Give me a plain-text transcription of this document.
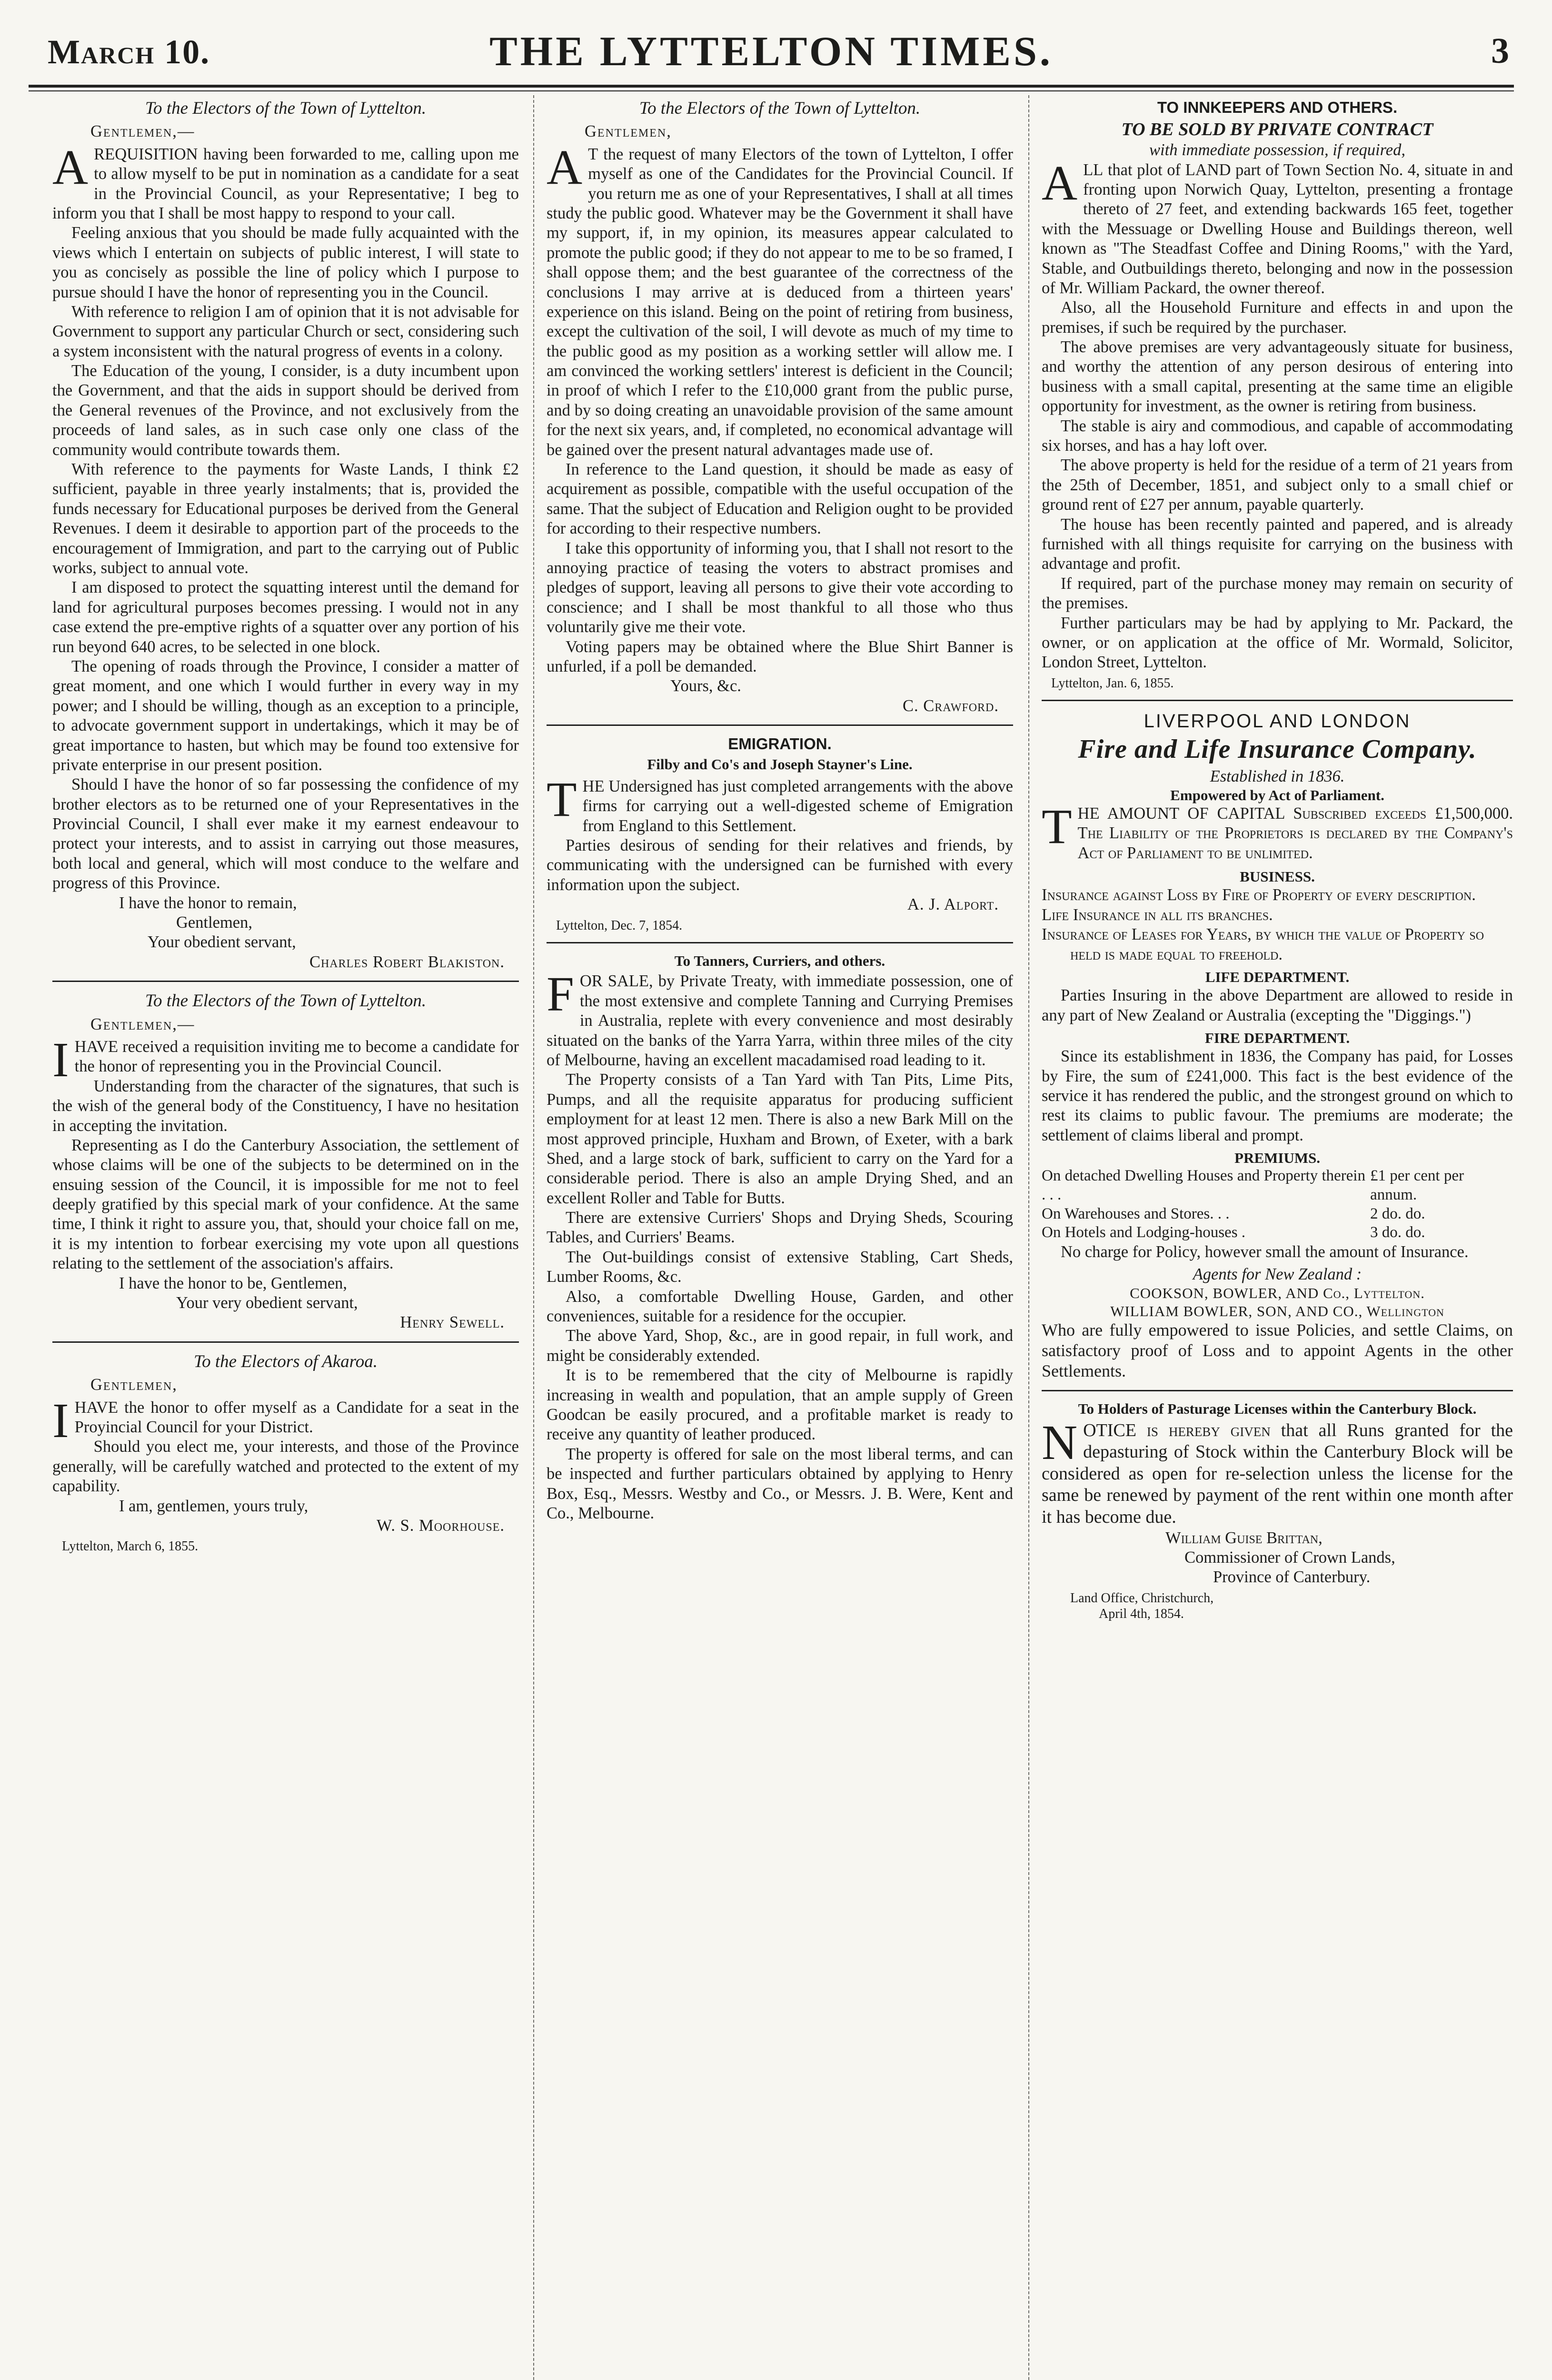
March 10.	THE LYTTELTON TIMES.	3
To the Electors of the Town of Lyttelton.
Gentlemen,—

AREQUISITION having been forwarded to me, calling upon me to allow myself to be put in nomination as a candidate for a seat in the Provincial Council, as your Representative; I beg to inform you that I shall be most happy to respond to your call.

Feeling anxious that you should be made fully acquainted with the views which I entertain on subjects of public interest, I will state to you as concisely as possible the line of policy which I purpose to pursue should I have the honor of representing you in the Council.

With reference to religion I am of opinion that it is not advisable for Government to support any particular Church or sect, considering such a system inconsistent with the natural progress of events in a colony.

The Education of the young, I consider, is a duty incumbent upon the Government, and that the aids in support should be derived from the General revenues of the Province, and not exclusively from the proceeds of land sales, as in such case only one class of the community would contribute towards them.

With reference to the payments for Waste Lands, I think £2 sufficient, payable in three yearly instalments; that is, provided the funds necessary for Educational purposes be derived from the General Revenues. I deem it desirable to apportion part of the proceeds to the encouragement of Immigration, and part to the carrying out of Public works, subject to annual vote.

I am disposed to protect the squatting interest until the demand for land for agricultural purposes becomes pressing. I would not in any case extend the pre-emptive rights of a squatter over any portion of his run beyond 640 acres, to be selected in one block.

The opening of roads through the Province, I consider a matter of great moment, and one which I would further in every way in my power; and I should be willing, though as an exception to a principle, to advocate government support in undertakings, which it may be of great importance to hasten, but which may be found too extensive for private enterprise in our present position.

Should I have the honor of so far possessing the confidence of my brother electors as to be returned one of your Representatives in the Provincial Council, I shall ever make it my earnest endeavour to protect your interests, and to assist in carrying out those measures, both local and general, which will most conduce to the welfare and progress of this Province.

I have the honor to remain,
Gentlemen,
Your obedient servant,
Charles Robert Blakiston.
To the Electors of the Town of Lyttelton.
Gentlemen,—

IHAVE received a requisition inviting me to become a candidate for the honor of representing you in the Provincial Council.

Understanding from the character of the signatures, that such is the wish of the general body of the Constituency, I have no hesitation in accepting the invitation.

Representing as I do the Canterbury Association, the settlement of whose claims will be one of the subjects to be determined on in the ensuing session of the Council, it is impossible for me not to feel deeply gratified by this special mark of your confidence. At the same time, I think it right to assure you, that, should your choice fall on me, it is my intention to forbear exercising my vote upon all questions relating to the settlement of the association's affairs.

I have the honor to be, Gentlemen,
Your very obedient servant,
Henry Sewell.
To the Electors of Akaroa.
Gentlemen,

IHAVE the honor to offer myself as a Candidate for a seat in the Proyincial Council for your District.

Should you elect me, your interests, and those of the Province generally, will be carefully watched and protected to the extent of my capability.

I am, gentlemen, yours truly,
W. S. Moorhouse.
Lyttelton, March 6, 1855.
To the Electors of the Town of Lyttelton.
Gentlemen,

A T the request of many Electors of the town of Lyttelton, I offer myself as one of the Candidates for the Provincial Council. If you return me as one of your Representatives, I shall at all times study the public good. Whatever may be the Government it shall have my support, if, in my opinion, its measures appear calculated to promote the public good; if they do not appear to me to be so framed, I shall oppose them; and the best guarantee of the correctness of the conclusions I may arrive at is deduced from a thirteen years' experience on this island. Being on the point of retiring from business, except the cultivation of the soil, I will devote as much of my time to the public good as my position as a working settler will allow me. I am convinced the working settlers' interest is deficient in the Council; in proof of which I refer to the £10,000 grant from the public purse, and by so doing creating an unavoidable provision of the same amount for the next six years, and, if completed, no economical advantage will be gained over the present natural advantages made use of.

In reference to the Land question, it should be made as easy of acquirement as possible, compatible with the useful occupation of the same. That the subject of Education and Religion ought to be provided for according to their respective numbers.

I take this opportunity of informing you, that I shall not resort to the annoying practice of teasing the voters to abstract promises and pledges of support, leaving all persons to give their vote according to conscience; and I shall be most thankful to all those who thus voluntarily give me their vote.

Voting papers may be obtained where the Blue Shirt Banner is unfurled, if a poll be demanded.

Yours, &c.
C. Crawford.
EMIGRATION.
Filby and Co's and Joseph Stayner's Line.

THE Undersigned has just completed arrangements with the above firms for carrying out a well-digested scheme of Emigration from England to this Settlement.

Parties desirous of sending for their relatives and friends, by communicating with the undersigned can be furnished with every information upon the subject.

A. J. Alport.
Lyttelton, Dec. 7, 1854.
To Tanners, Curriers, and others.

FOR SALE, by Private Treaty, with immediate possession, one of the most extensive and complete Tanning and Currying Premises in Australia, replete with every convenience and most desirably situated on the banks of the Yarra Yarra, within three miles of the city of Melbourne, having an excellent macadamised road leading to it.

The Property consists of a Tan Yard with Tan Pits, Lime Pits, Pumps, and all the requisite apparatus for producing sufficient employment for at least 12 men. There is also a new Bark Mill on the most approved principle, Huxham and Brown, of Exeter, with a bark Shed, and a large stock of bark, sufficient to carry on the Yard for a considerable period. There is also an ample Drying Shed, and an excellent Roller and Table for Butts.

There are extensive Curriers' Shops and Drying Sheds, Scouring Tables, and Curriers' Beams.

The Out-buildings consist of extensive Stabling, Cart Sheds, Lumber Rooms, &c.

Also, a comfortable Dwelling House, Garden, and other conveniences, suitable for a residence for the occupier.

The above Yard, Shop, &c., are in good repair, in full work, and might be considerably extended.

It is to be remembered that the city of Melbourne is rapidly increasing in wealth and population, that an ample supply of Green Goodcan be easily procured, and a profitable market is ready to receive any quantity of leather produced.

The property is offered for sale on the most liberal terms, and can be inspected and further particulars obtained by applying to Henry Box, Esq., Messrs. Westby and Co., or Messrs. J. B. Were, Kent and Co., Melbourne.

TO INNKEEPERS AND OTHERS.
TO BE SOLD BY PRIVATE CONTRACT
with immediate possession, if required,

ALL that plot of LAND part of Town Section No. 4, situate in and fronting upon Norwich Quay, Lyttelton, presenting a frontage thereto of 27 feet, and extending backwards 165 feet, together with the Messuage or Dwelling House and Buildings thereon, well known as "The Steadfast Coffee and Dining Rooms," with the Yard, Stable, and Outbuildings thereto, belonging and now in the possession of Mr. William Packard, the owner thereof.

Also, all the Household Furniture and effects in and upon the premises, if such be required by the purchaser.

The above premises are very advantageously situate for business, and worthy the attention of any person desirous of entering into business with a small capital, presenting at the same time an eligible opportunity for investment, as the owner is retiring from business.

The stable is airy and commodious, and capable of accommodating six horses, and has a hay loft over.

The above property is held for the residue of a term of 21 years from the 25th of December, 1851, and subject only to a small chief or ground rent of £27 per annum, payable quarterly.

The house has been recently painted and papered, and is already furnished with all things requisite for carrying on the business with advantage and profit.

If required, part of the purchase money may remain on security of the premises.

Further particulars may be had by applying to Mr. Packard, the owner, or on application at the office of Mr. Wormald, Solicitor, London Street, Lyttelton.

Lyttelton, Jan. 6, 1855.
LIVERPOOL AND LONDON
Fire and Life Insurance Company.
Established in 1836.
Empowered by Act of Parliament.

THE AMOUNT OF CAPITAL Subscribed exceeds £1,500,000. The Liability of the Proprietors is declared by the Company's Act of Parliament to be unlimited.

BUSINESS.

Insurance against Loss by Fire of Property of every description.

Life Insurance in all its branches.

Insurance of Leases for Years, by which the value of Property so held is made equal to freehold.

LIFE DEPARTMENT.

Parties Insuring in the above Department are allowed to reside in any part of New Zealand or Australia (excepting the "Diggings.")

FIRE DEPARTMENT.

Since its establishment in 1836, the Company has paid, for Losses by Fire, the sum of £241,000. This fact is the best evidence of the service it has rendered the public, and the strongest ground on which to rest its claims to public favour. The premiums are moderate; the settlement of claims liberal and prompt.

PREMIUMS.
On detached Dwelling Houses and Property therein . . .	£1 per cent per annum.
On Warehouses and Stores. . .	2 do. do.
On Hotels and Lodging-houses .	3 do. do.

No charge for Policy, however small the amount of Insurance.

Agents for New Zealand :
COOKSON, BOWLER, AND Co., Lyttelton.
WILLIAM BOWLER, SON, AND CO., Wellington

Who are fully empowered to issue Policies, and settle Claims, on satisfactory proof of Loss and to appoint Agents in the other Settlements.

To Holders of Pasturage Licenses within the Canterbury Block.

NOTICE is hereby given that all Runs granted for the depasturing of Stock within the Canterbury Block will be considered as open for re-selection unless the license for the same be renewed by payment of the rent within one month after it has become due.

William Guise Brittan,
Commissioner of Crown Lands,
Province of Canterbury.
Land Office, Christchurch,
April 4th, 1854.
